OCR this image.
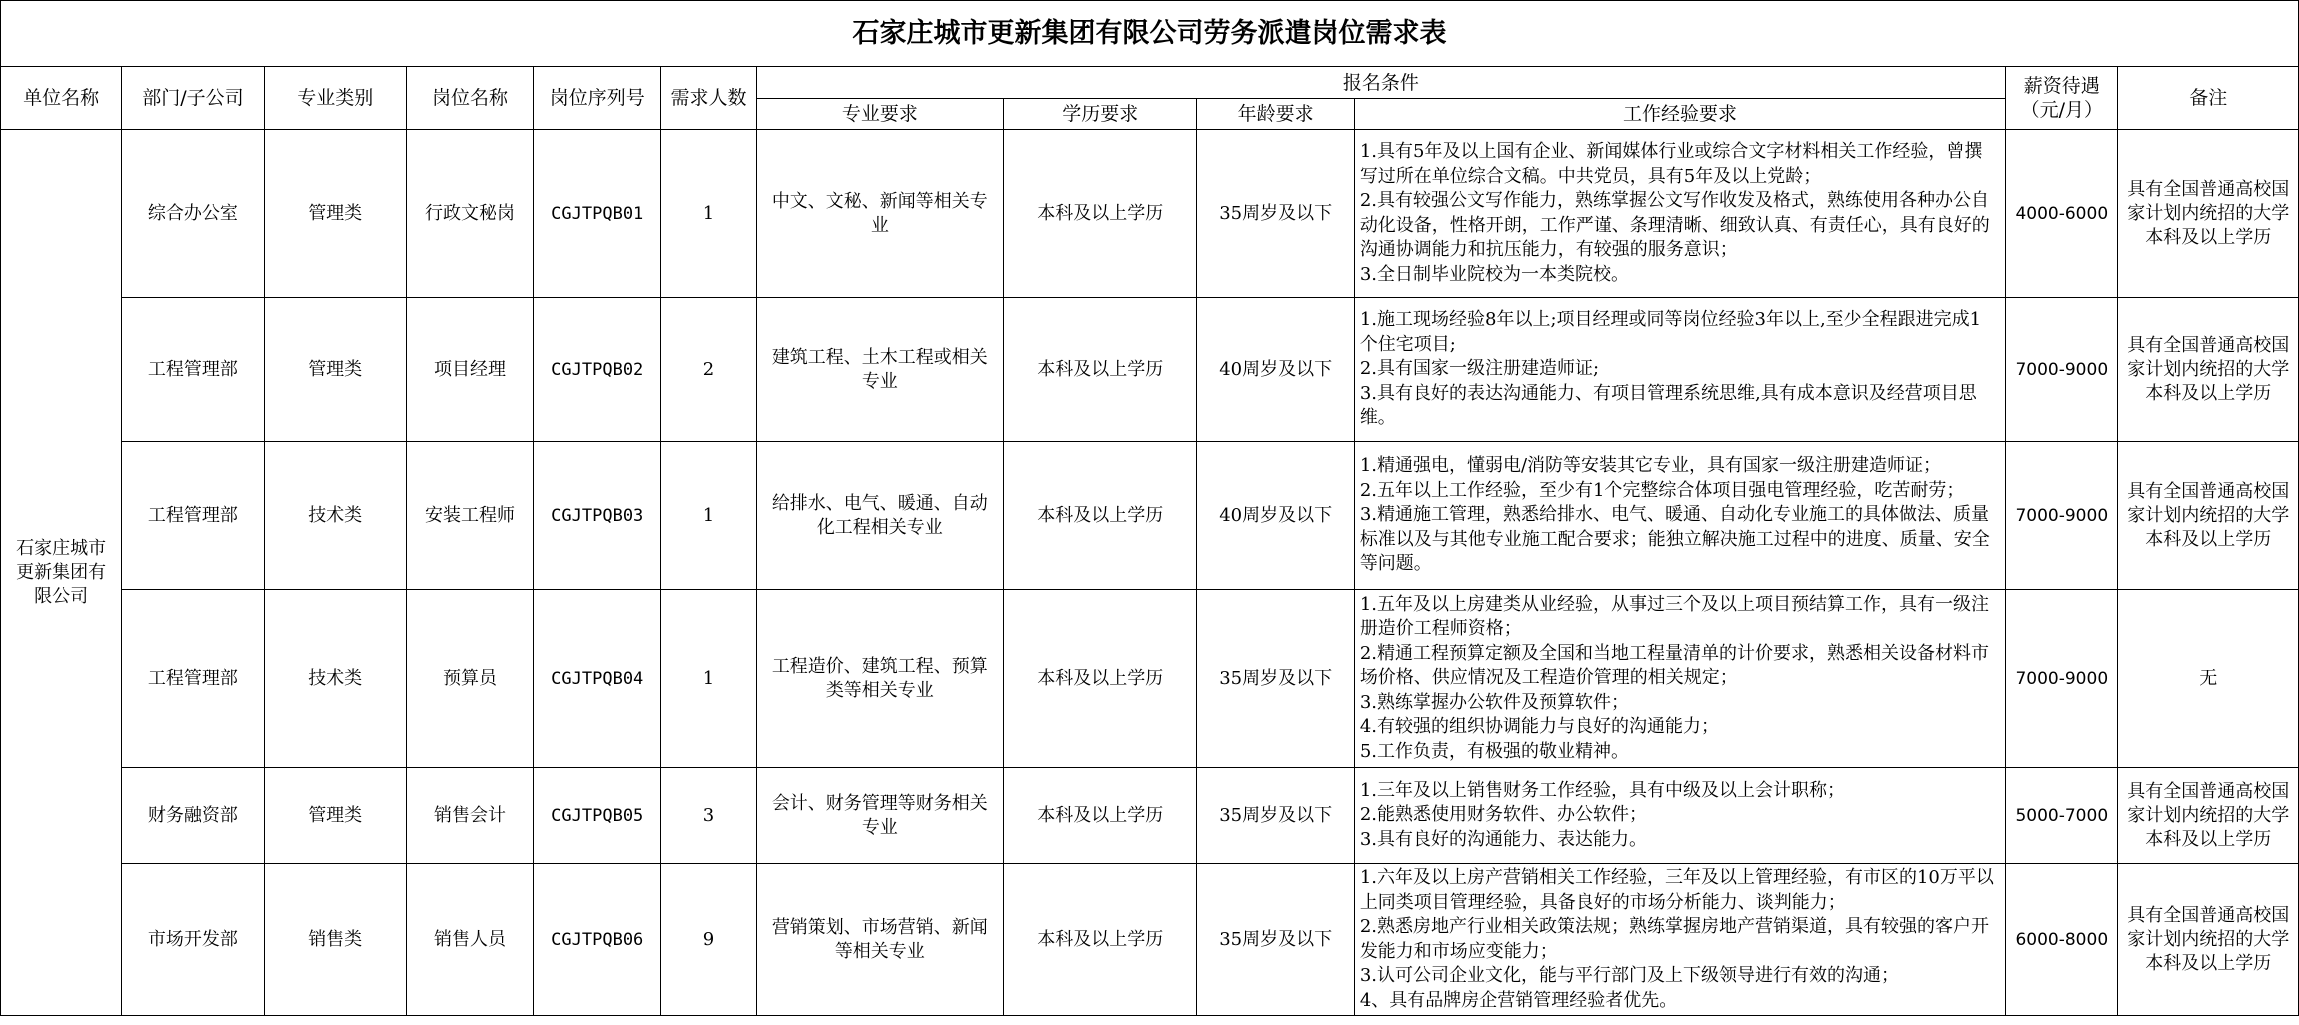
石家庄城市更新集团有限公司劳务派遣岗位需求表											
单位名称	部门/子公司	专业类别	岗位名称	岗位序列号	需求人数	报名条件				薪资待遇（元/月）	备注
						专业要求	学历要求	年龄要求	工作经验要求		
石家庄城市更新集团有限公司	综合办公室	管理类	行政文秘岗	CGJTPQB01	1	中文、文秘、新闻等相关专业	本科及以上学历	35周岁及以下	1.具有5年及以上国有企业、新闻媒体行业或综合文字材料相关工作经验，曾撰写过所在单位综合文稿。中共党员，具有5年及以上党龄；
2.具有较强公文写作能力，熟练掌握公文写作收发及格式，熟练使用各种办公自动化设备，性格开朗，工作严谨、条理清晰、细致认真、有责任心，具有良好的沟通协调能力和抗压能力，有较强的服务意识；
3.全日制毕业院校为一本类院校。	4000-6000	具有全国普通高校国家计划内统招的大学本科及以上学历
	工程管理部	管理类	项目经理	CGJTPQB02	2	建筑工程、土木工程或相关专业	本科及以上学历	40周岁及以下	1.施工现场经验8年以上;项目经理或同等岗位经验3年以上,至少全程跟进完成1个住宅项目;
2.具有国家一级注册建造师证;
3.具有良好的表达沟通能力、有项目管理系统思维,具有成本意识及经营项目思维。	7000-9000	具有全国普通高校国家计划内统招的大学本科及以上学历
	工程管理部	技术类	安装工程师	CGJTPQB03	1	给排水、电气、暖通、自动化工程相关专业	本科及以上学历	40周岁及以下	1.精通强电，懂弱电/消防等安装其它专业，具有国家一级注册建造师证；
2.五年以上工作经验，至少有1个完整综合体项目强电管理经验，吃苦耐劳；
3.精通施工管理，熟悉给排水、电气、暖通、自动化专业施工的具体做法、质量标准以及与其他专业施工配合要求；能独立解决施工过程中的进度、质量、安全等问题。	7000-9000	具有全国普通高校国家计划内统招的大学本科及以上学历
	工程管理部	技术类	预算员	CGJTPQB04	1	工程造价、建筑工程、预算类等相关专业	本科及以上学历	35周岁及以下	1.五年及以上房建类从业经验，从事过三个及以上项目预结算工作，具有一级注册造价工程师资格；
2.精通工程预算定额及全国和当地工程量清单的计价要求，熟悉相关设备材料市场价格、供应情况及工程造价管理的相关规定；
3.熟练掌握办公软件及预算软件；
4.有较强的组织协调能力与良好的沟通能力；
5.工作负责，有极强的敬业精神。	7000-9000	无
	财务融资部	管理类	销售会计	CGJTPQB05	3	会计、财务管理等财务相关专业	本科及以上学历	35周岁及以下	1.三年及以上销售财务工作经验，具有中级及以上会计职称；
2.能熟悉使用财务软件、办公软件；
3.具有良好的沟通能力、表达能力。	5000-7000	具有全国普通高校国家计划内统招的大学本科及以上学历
	市场开发部	销售类	销售人员	CGJTPQB06	9	营销策划、市场营销、新闻等相关专业	本科及以上学历	35周岁及以下	1.六年及以上房产营销相关工作经验，三年及以上管理经验，有市区的10万平以上同类项目管理经验，具备良好的市场分析能力、谈判能力；
2.熟悉房地产行业相关政策法规；熟练掌握房地产营销渠道，具有较强的客户开发能力和市场应变能力；
3.认可公司企业文化，能与平行部门及上下级领导进行有效的沟通；
4、具有品牌房企营销管理经验者优先。	6000-8000	具有全国普通高校国家计划内统招的大学本科及以上学历
